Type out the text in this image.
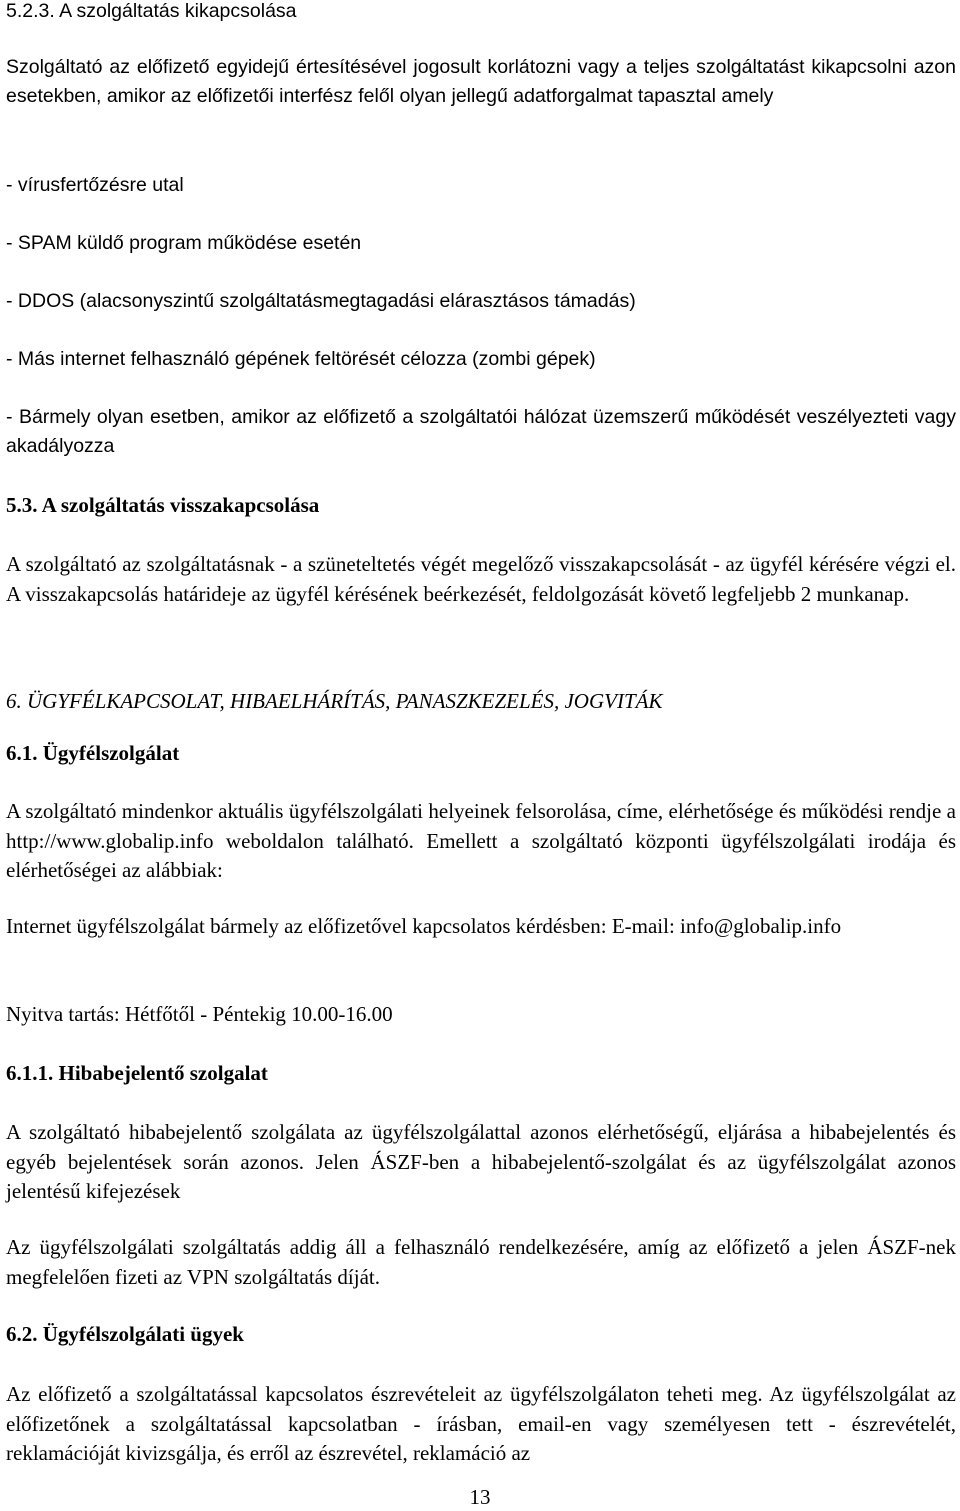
5.2.3. A szolgáltatás kikapcsolása

Szolgáltató az előfizető egyidejű értesítésével jogosult korlátozni vagy a teljes szolgáltatást kikapcsolni azon esetekben, amikor az előfizetői interfész felől olyan jellegű adatforgalmat tapasztal amely

- vírusfertőzésre utal

- SPAM küldő program működése esetén

- DDOS (alacsonyszintű szolgáltatásmegtagadási elárasztásos támadás)

- Más internet felhasználó gépének feltörését célozza (zombi gépek)

- Bármely olyan esetben, amikor az előfizető a szolgáltatói hálózat üzemszerű működését veszélyezteti vagy akadályozza

5.3. A szolgáltatás visszakapcsolása

A szolgáltató az szolgáltatásnak - a szüneteltetés végét megelőző visszakapcsolását - az ügyfél kérésére végzi el. A visszakapcsolás határideje az ügyfél kérésének beérkezését, feldolgozását követő legfeljebb 2 munkanap.

6. ÜGYFÉLKAPCSOLAT, HIBAELHÁRÍTÁS, PANASZKEZELÉS, JOGVITÁK

6.1. Ügyfélszolgálat

A szolgáltató mindenkor aktuális ügyfélszolgálati helyeinek felsorolása, címe, elérhetősége és működési rendje a http://www.globalip.info weboldalon található. Emellett a szolgáltató központi ügyfélszolgálati irodája és elérhetőségei az alábbiak:

Internet ügyfélszolgálat bármely az előfizetővel kapcsolatos kérdésben: E-mail: info@globalip.info

Nyitva tartás: Hétfőtől - Péntekig 10.00-16.00

6.1.1. Hibabejelentő szolgalat

A szolgáltató hibabejelentő szolgálata az ügyfélszolgálattal azonos elérhetőségű, eljárása a hibabejelentés és egyéb bejelentések során azonos. Jelen ÁSZF-ben a hibabejelentő-szolgálat és az ügyfélszolgálat azonos jelentésű kifejezések

Az ügyfélszolgálati szolgáltatás addig áll a felhasználó rendelkezésére, amíg az előfizető a jelen ÁSZF-nek megfelelően fizeti az VPN szolgáltatás díját.

6.2. Ügyfélszolgálati ügyek

Az előfizető a szolgáltatással kapcsolatos észrevételeit az ügyfélszolgálaton teheti meg. Az ügyfélszolgálat az előfizetőnek a szolgáltatással kapcsolatban - írásban, email-en vagy személyesen tett - észrevételét, reklamációját kivizsgálja, és erről az észrevétel, reklamáció az

13
